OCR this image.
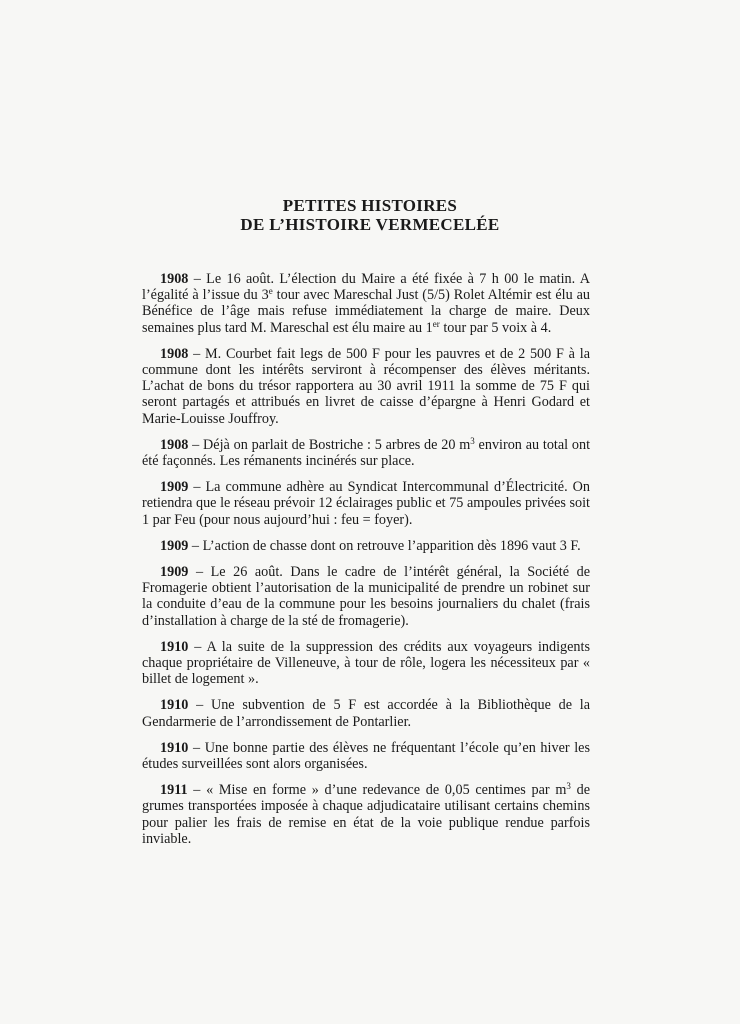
PETITES HISTOIRES
DE L’HISTOIRE VERMECELÉE

1908 – Le 16 août. L’élection du Maire a été fixée à 7 h 00 le matin. A l’égalité à l’issue du 3e tour avec Mareschal Just (5/5) Rolet Altémir est élu au Bénéfice de l’âge mais refuse immédiatement la charge de maire. Deux semaines plus tard M. Mareschal est élu maire au 1er tour par 5 voix à 4.

1908 – M. Courbet fait legs de 500 F pour les pauvres et de 2 500 F à la commune dont les intérêts serviront à récompenser des élèves méritants. L’achat de bons du trésor rapportera au 30 avril 1911 la somme de 75 F qui seront partagés et attribués en livret de caisse d’épargne à Henri Godard et Marie-Louisse Jouffroy.

1908 – Déjà on parlait de Bostriche : 5 arbres de 20 $m^3$ environ au total ont été façonnés. Les rémanents incinérés sur place.

1909 – La commune adhère au Syndicat Intercommunal d’Électricité. On retiendra que le réseau prévoir 12 éclairages public et 75 ampoules privées soit 1 par Feu (pour nous aujourd’hui : feu = foyer).

1909 – L’action de chasse dont on retrouve l’apparition dès 1896 vaut 3 F.

1909 – Le 26 août. Dans le cadre de l’intérêt général, la Société de Fromagerie obtient l’autorisation de la municipalité de prendre un robinet sur la conduite d’eau de la commune pour les besoins journaliers du chalet (frais d’installation à charge de la sté de fromagerie).

1910 – A la suite de la suppression des crédits aux voyageurs indigents chaque propriétaire de Villeneuve, à tour de rôle, logera les nécessiteux par « billet de logement ».

1910 – Une subvention de 5 F est accordée à la Bibliothèque de la Gendarmerie de l’arrondissement de Pontarlier.

1910 – Une bonne partie des élèves ne fréquentant l’école qu’en hiver les études surveillées sont alors organisées.

1911 – « Mise en forme » d’une redevance de 0,05 centimes par $m^3$ de grumes transportées imposée à chaque adjudicataire utilisant certains chemins pour palier les frais de remise en état de la voie publique rendue parfois inviable.
